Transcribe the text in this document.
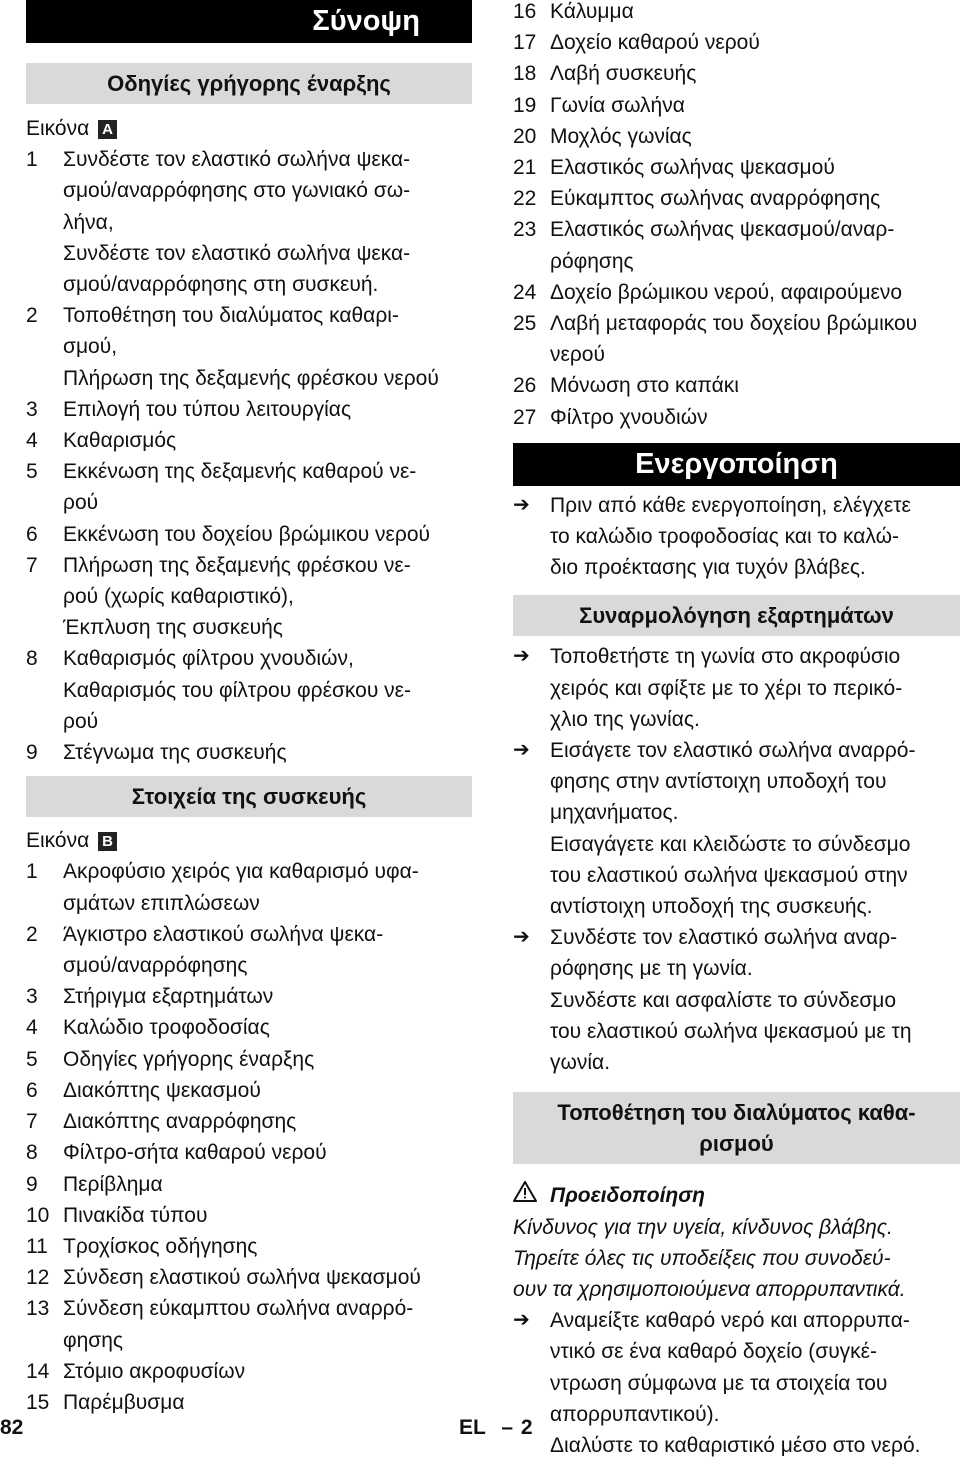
Σύνοψη
Οδηγίες γρήγορης έναρξης
Εικόνα A
1	Συνδέστε τον ελαστικό σωλήνα ψεκα-
σμού/αναρρόφησης στο γωνιακό σω-
λήνα,
Συνδέστε τον ελαστικό σωλήνα ψεκα-
σμού/αναρρόφησης στη συσκευή.
2	Τοποθέτηση του διαλύματος καθαρι-
σμού,
Πλήρωση της δεξαμενής φρέσκου νερού
3	Επιλογή του τύπου λειτουργίας
4	Καθαρισμός
5	Εκκένωση της δεξαμενής καθαρού νε-
ρού
6	Εκκένωση του δοχείου βρώμικου νερού
7	Πλήρωση της δεξαμενής φρέσκου νε-
ρού (χωρίς καθαριστικό),
Έκπλυση της συσκευής
8	Καθαρισμός φίλτρου χνουδιών,
Καθαρισμός του φίλτρου φρέσκου νε-
ρού
9	Στέγνωμα της συσκευής
Στοιχεία της συσκευής
Εικόνα B
1	Ακροφύσιο χειρός για καθαρισμό υφα-
σμάτων επιπλώσεων
2	Άγκιστρο ελαστικού σωλήνα ψεκα-
σμού/αναρρόφησης
3	Στήριγμα εξαρτημάτων
4	Καλώδιο τροφοδοσίας
5	Οδηγίες γρήγορης έναρξης
6	Διακόπτης ψεκασμού
7	Διακόπτης αναρρόφησης
8	Φίλτρο-σήτα καθαρού νερού
9	Περίβλημα
10 Πινακίδα τύπου
11 Τροχίσκος οδήγησης
12 Σύνδεση ελαστικού σωλήνα ψεκασμού
13 Σύνδεση εύκαμπτου σωλήνα αναρρό-
φησης
14 Στόμιο ακροφυσίων
15 Παρέμβυσμα
16 Κάλυμμα
17 Δοχείο καθαρού νερού
18 Λαβή συσκευής
19 Γωνία σωλήνα
20 Μοχλός γωνίας
21 Ελαστικός σωλήνας ψεκασμού
22 Εύκαμπτος σωλήνας αναρρόφησης
23 Ελαστικός σωλήνας ψεκασμού/αναρ-
ρόφησης
24 Δοχείο βρώμικου νερού, αφαιρούμενο
25 Λαβή μεταφοράς του δοχείου βρώμικου
νερού
26 Μόνωση στο καπάκι
27 Φίλτρο χνουδιών
Ενεργοποίηση
➔ Πριν από κάθε ενεργοποίηση, ελέγχετε
το καλώδιο τροφοδοσίας και το καλώ-
διο προέκτασης για τυχόν βλάβες.
Συναρμολόγηση εξαρτημάτων
➔ Τοποθετήστε τη γωνία στο ακροφύσιο
χειρός και σφίξτε με το χέρι το περικό-
χλιο της γωνίας.
➔ Εισάγετε τον ελαστικό σωλήνα αναρρό-
φησης στην αντίστοιχη υποδοχή του
μηχανήματος.
Εισαγάγετε και κλειδώστε το σύνδεσμο
του ελαστικού σωλήνα ψεκασμού στην
αντίστοιχη υποδοχή της συσκευής.
➔ Συνδέστε τον ελαστικό σωλήνα αναρ-
ρόφησης με τη γωνία.
Συνδέστε και ασφαλίστε το σύνδεσμο
του ελαστικού σωλήνα ψεκασμού με τη
γωνία.
Τοποθέτηση του διαλύματος καθα-
ρισμού
Προειδοποίηση
Κίνδυνος για την υγεία, κίνδυνος βλάβης.
Τηρείτε όλες τις υποδείξεις που συνοδεύ-
ουν τα χρησιμοποιούμενα απορρυπαντικά.
➔ Αναμείξτε καθαρό νερό και απορρυπα-
ντικό σε ένα καθαρό δοχείο (συγκέ-
ντρωση σύμφωνα με τα στοιχεία του
απορρυπαντικού).
Διαλύστε το καθαριστικό μέσο στο νερό.
82	EL – 2
